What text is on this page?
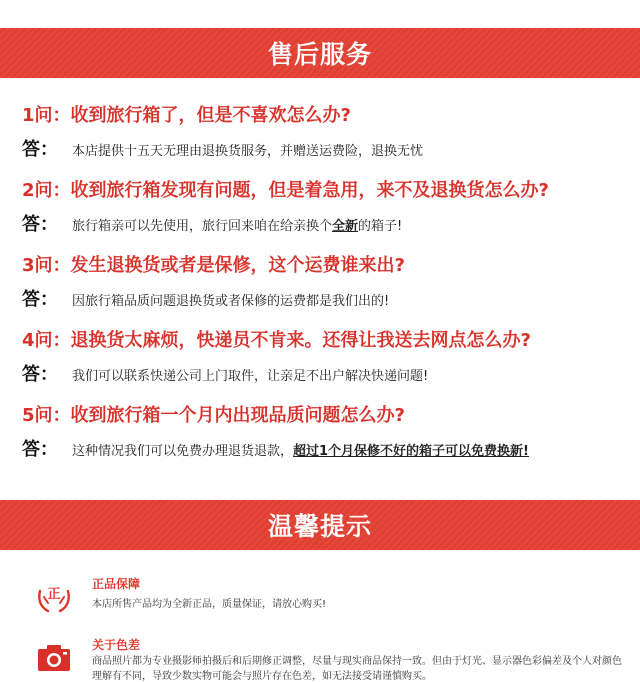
售后服务
1问：收到旅行箱了，但是不喜欢怎么办?
答： 本店提供十五天无理由退换货服务，并赠送运费险，退换无忧
2问：收到旅行箱发现有问题，但是着急用，来不及退换货怎么办?
答： 旅行箱亲可以先使用，旅行回来咱在给亲换个全新的箱子!
3问：发生退换货或者是保修，这个运费谁来出?
答： 因旅行箱品质问题退换货或者保修的运费都是我们出的!
4问：退换货太麻烦，快递员不肯来。还得让我送去网点怎么办?
答： 我们可以联系快递公司上门取件，让亲足不出户解决快递问题!
5问：收到旅行箱一个月内出现品质问题怎么办?
答： 这种情况我们可以免费办理退货退款，超过1个月保修不好的箱子可以免费换新!
温馨提示
正
正品保障
本店所售产品均为全新正品，质量保证，请放心购买!
关于色差
商品照片都为专业摄影师拍摄后和后期修正调整，尽量与现实商品保持一致。但由于灯光、显示器色彩偏差及个人对颜色理解有不同，导致少数实物可能会与照片存在色差，如无法接受请谨慎购买。
